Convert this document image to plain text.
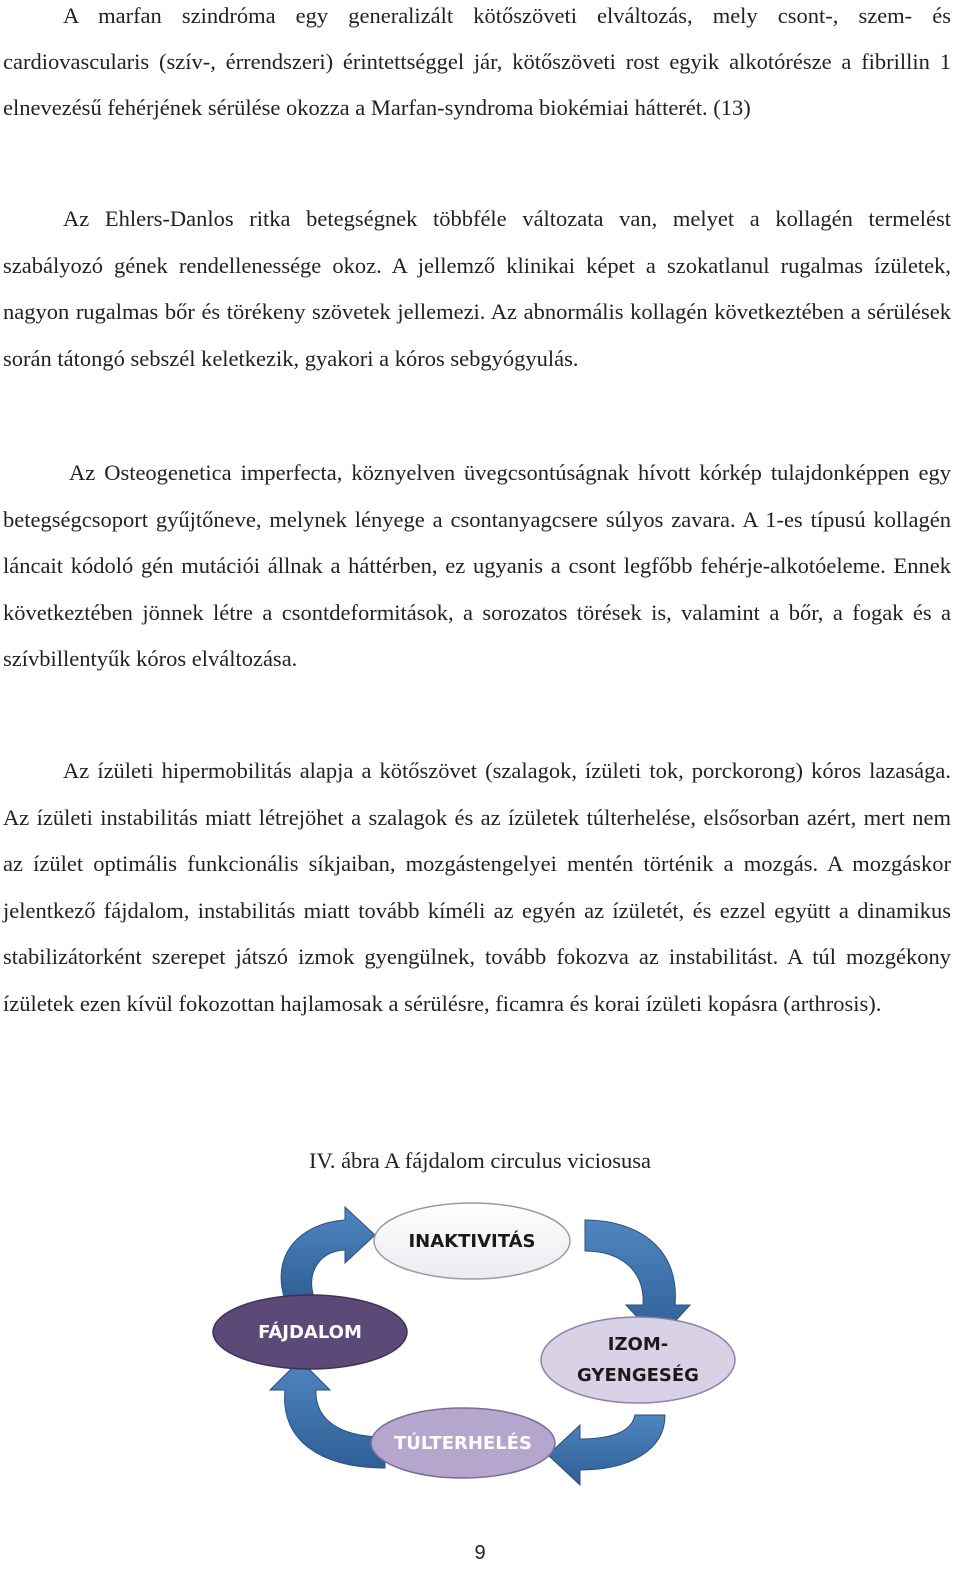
A marfan szindróma egy generalizált kötőszöveti elváltozás, mely csont-, szem- és cardiovascularis (szív-, érrendszeri) érintettséggel jár, kötőszöveti rost egyik alkotórésze a fibrillin 1 elnevezésű fehérjének sérülése okozza a Marfan-syndroma biokémiai hátterét. (13)

Az Ehlers-Danlos ritka betegségnek többféle változata van, melyet a kollagén termelést szabályozó gének rendellenessége okoz. A jellemző klinikai képet a szokatlanul rugalmas ízületek, nagyon rugalmas bőr és törékeny szövetek jellemezi. Az abnormális kollagén következtében a sérülések során tátongó sebszél keletkezik, gyakori a kóros sebgyógyulás.

Az Osteogenetica imperfecta, köznyelven üvegcsontúságnak hívott kórkép tulajdonképpen egy betegségcsoport gyűjtőneve, melynek lényege a csontanyagcsere súlyos zavara. A 1-es típusú kollagén láncait kódoló gén mutációi állnak a háttérben, ez ugyanis a csont legfőbb fehérje-alkotóeleme. Ennek következtében jönnek létre a csontdeformitások, a sorozatos törések is, valamint a bőr, a fogak és a szívbillentyűk kóros elváltozása.

Az ízületi hipermobilitás alapja a kötőszövet (szalagok, ízületi tok, porckorong) kóros lazasága. Az ízületi instabilitás miatt létrejöhet a szalagok és az ízületek túlterhelése, elsősorban azért, mert nem az ízület optimális funkcionális síkjaiban, mozgástengelyei mentén történik a mozgás. A mozgáskor jelentkező fájdalom, instabilitás miatt tovább kíméli az egyén az ízületét, és ezzel együtt a dinamikus stabilizátorként szerepet játszó izmok gyengülnek, tovább fokozva az instabilitást. A túl mozgékony ízületek ezen kívül fokozottan hajlamosak a sérülésre, ficamra és korai ízületi kopásra (arthrosis).

IV. ábra A fájdalom circulus viciosusa
INAKTIVITÁS
FÁJDALOM
IZOM-
GYENGESÉG
TÚLTERHELÉS
9
